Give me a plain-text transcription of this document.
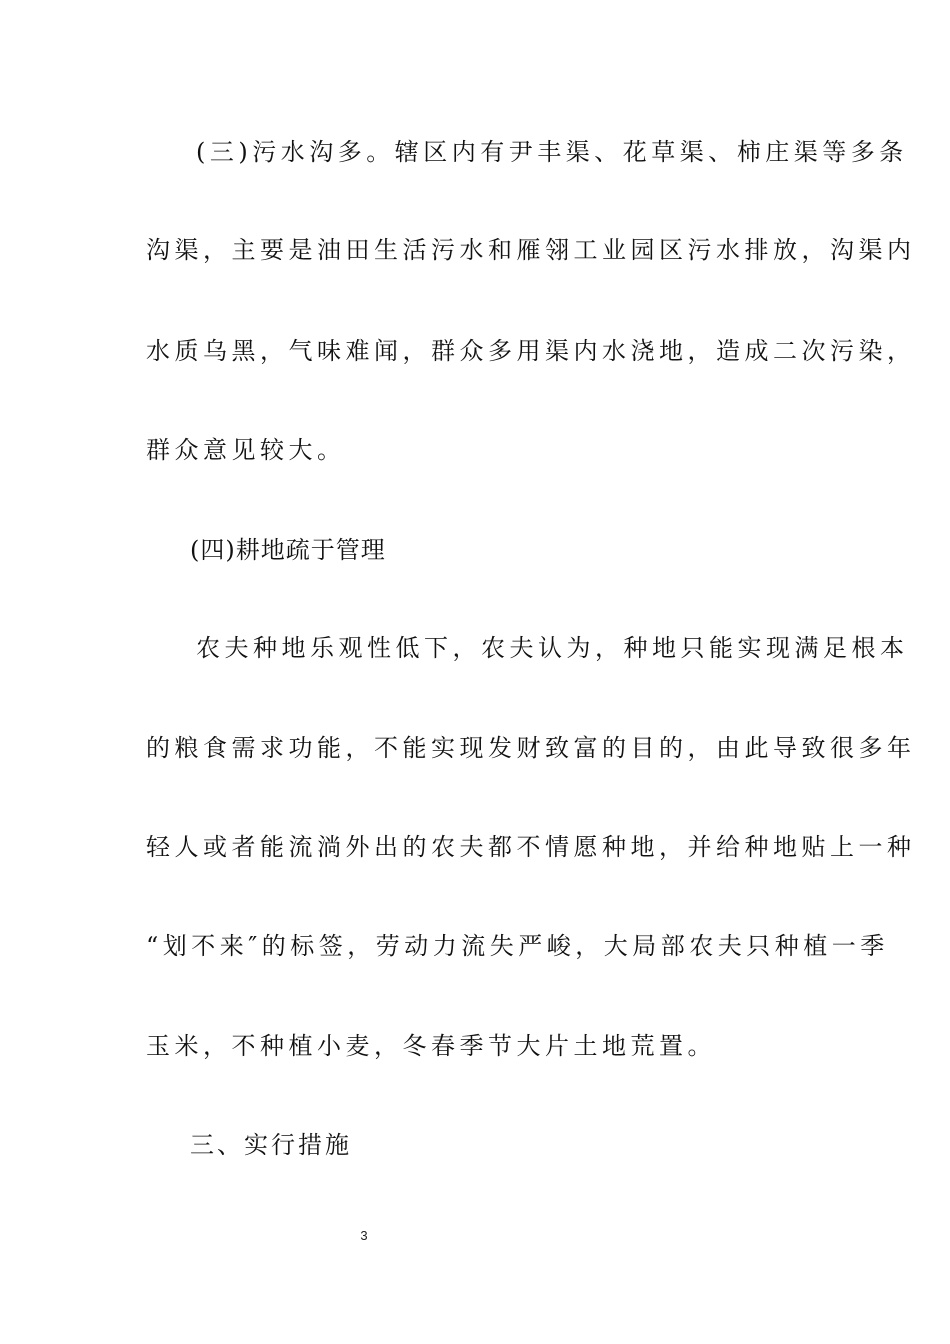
(三)污水沟多。辖区内有尹丰渠、花草渠、柿庄渠等多条
沟渠，主要是油田生活污水和雁翎工业园区污水排放，沟渠内
水质乌黑，气味难闻，群众多用渠内水浇地，造成二次污染，
群众意见较大。
(四)耕地疏于管理
农夫种地乐观性低下，农夫认为，种地只能实现满足根本
的粮食需求功能，不能实现发财致富的目的，由此导致很多年
轻人或者能流淌外出的农夫都不情愿种地，并给种地贴上一种
“划不来″的标签，劳动力流失严峻，大局部农夫只种植一季
玉米，不种植小麦，冬春季节大片土地荒置。
三、实行措施
3
